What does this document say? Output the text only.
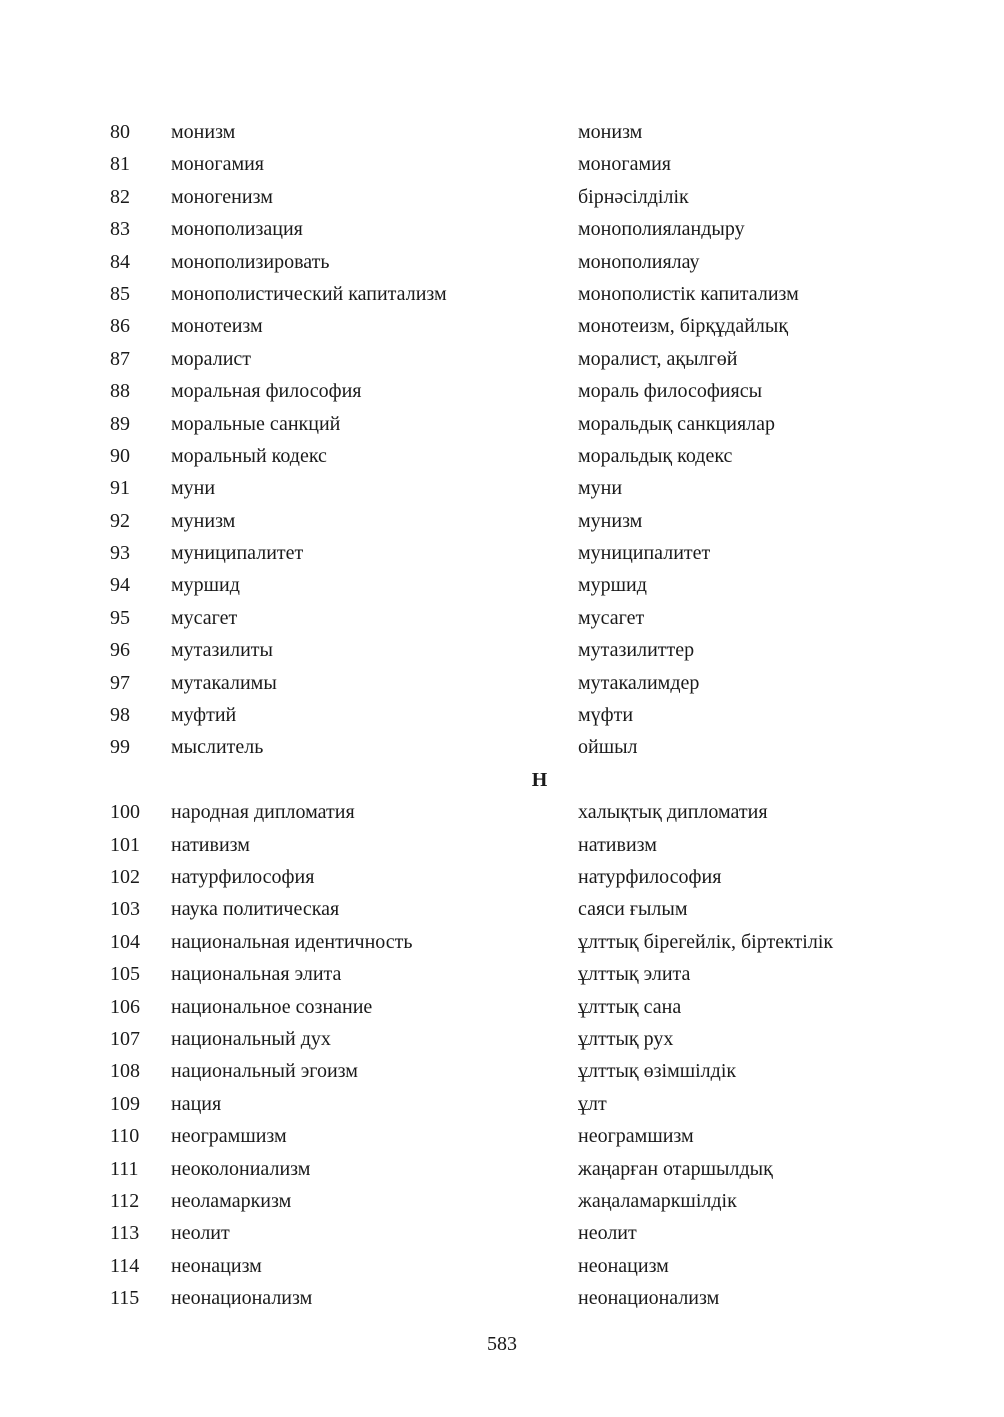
80	монизм	монизм
81	моногамия	моногамия
82	моногенизм	бірнәсілділік
83	монополизация	монополияландыру
84	монополизировать	монополиялау
85	монополистический капитализм	монополистік капитализм
86	монотеизм	монотеизм, бірқұдайлық
87	моралист	моралист, ақылгөй
88	моральная философия	мораль философиясы
89	моральные санкций	моральдық санкциялар
90	моральный кодекс	моральдық кодекс
91	муни	муни
92	мунизм	мунизм
93	муниципалитет	муниципалитет
94	муршид	муршид
95	мусагет	мусагет
96	мутазилиты	мутазилиттер
97	мутакалимы	мутакалимдер
98	муфтий	мүфти
99	мыслитель	ойшыл
Н
100	народная дипломатия	халықтық дипломатия
101	нативизм	нативизм
102	натурфилософия	натурфилософия
103	наука политическая	саяси ғылым
104	национальная идентичность	ұлттық бірегейлік, біртектілік
105	национальная элита	ұлттық элита
106	национальное сознание	ұлттық сана
107	национальный дух	ұлттық рух
108	национальный эгоизм	ұлттық өзімшілдік
109	нация	ұлт
110	неограмшизм	неограмшизм
111	неоколониализм	жаңарған отаршылдық
112	неоламаркизм	жаңаламаркшілдік
113	неолит	неолит
114	неонацизм	неонацизм
115	неонационализм	неонационализм
583
